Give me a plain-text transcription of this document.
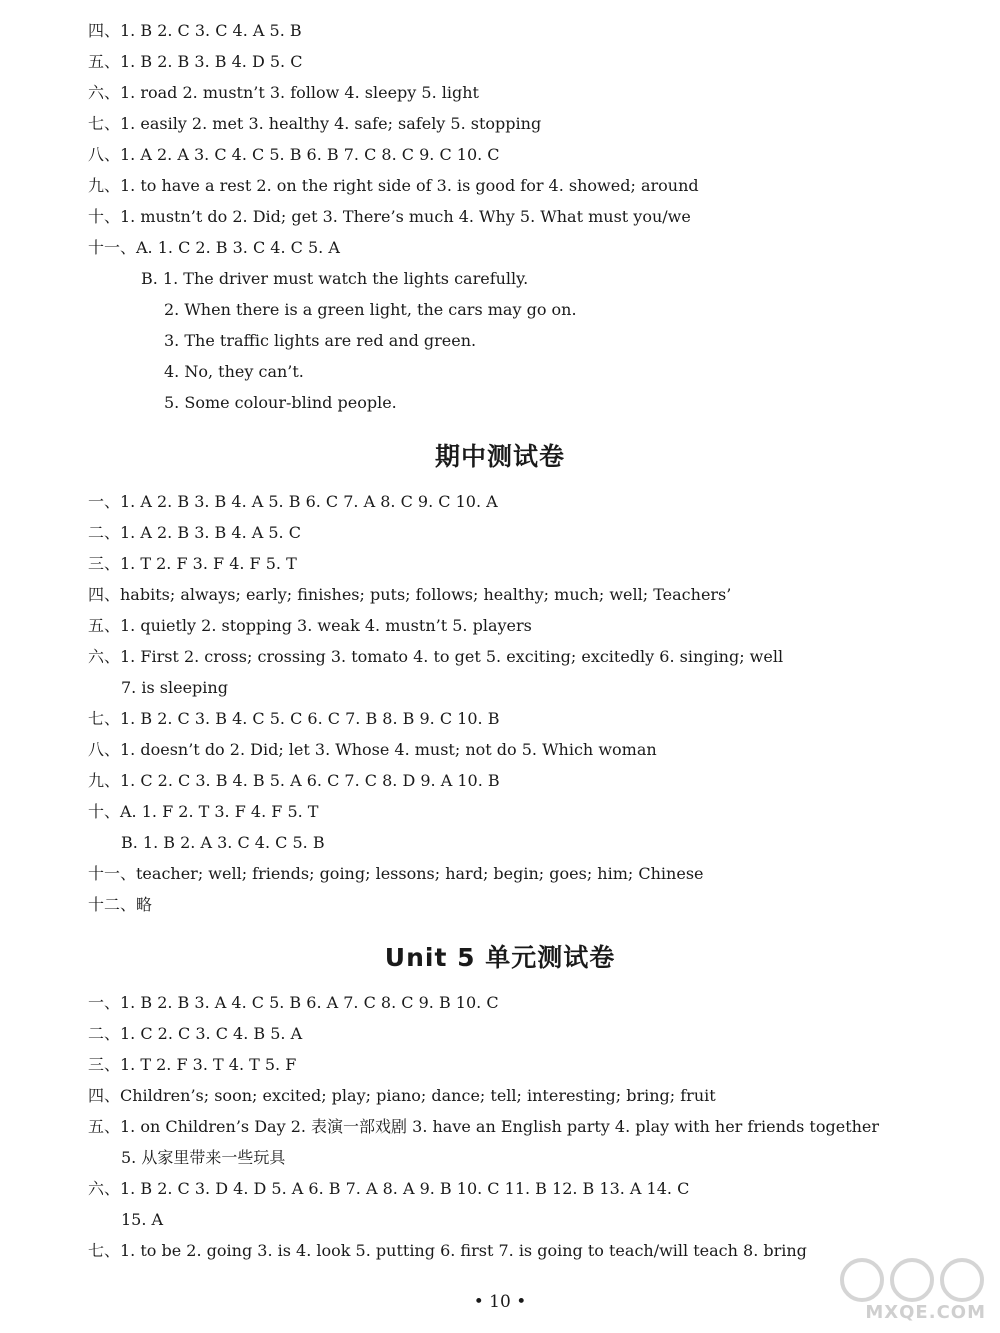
四、1. B 2. C 3. C 4. A 5. B
五、1. B 2. B 3. B 4. D 5. C
六、1. road 2. mustn’t 3. follow 4. sleepy 5. light
七、1. easily 2. met 3. healthy 4. safe; safely 5. stopping
八、1. A 2. A 3. C 4. C 5. B 6. B 7. C 8. C 9. C 10. C
九、1. to have a rest 2. on the right side of 3. is good for 4. showed; around
十、1. mustn’t do 2. Did; get 3. There’s much 4. Why 5. What must you/we
十一、A. 1. C 2. B 3. C 4. C 5. A
B. 1. The driver must watch the lights carefully.
2. When there is a green light, the cars may go on.
3. The traffic lights are red and green.
4. No, they can’t.
5. Some colour-blind people.
期中测试卷
一、1. A 2. B 3. B 4. A 5. B 6. C 7. A 8. C 9. C 10. A
二、1. A 2. B 3. B 4. A 5. C
三、1. T 2. F 3. F 4. F 5. T
四、habits; always; early; finishes; puts; follows; healthy; much; well; Teachers’
五、1. quietly 2. stopping 3. weak 4. mustn’t 5. players
六、1. First 2. cross; crossing 3. tomato 4. to get 5. exciting; excitedly 6. singing; well
7. is sleeping
七、1. B 2. C 3. B 4. C 5. C 6. C 7. B 8. B 9. C 10. B
八、1. doesn’t do 2. Did; let 3. Whose 4. must; not do 5. Which woman
九、1. C 2. C 3. B 4. B 5. A 6. C 7. C 8. D 9. A 10. B
十、A. 1. F 2. T 3. F 4. F 5. T
B. 1. B 2. A 3. C 4. C 5. B
十一、teacher; well; friends; going; lessons; hard; begin; goes; him; Chinese
十二、略
Unit 5 单元测试卷
一、1. B 2. B 3. A 4. C 5. B 6. A 7. C 8. C 9. B 10. C
二、1. C 2. C 3. C 4. B 5. A
三、1. T 2. F 3. T 4. T 5. F
四、Children’s; soon; excited; play; piano; dance; tell; interesting; bring; fruit
五、1. on Children’s Day 2. 表演一部戏剧 3. have an English party 4. play with her friends together
5. 从家里带来一些玩具
六、1. B 2. C 3. D 4. D 5. A 6. B 7. A 8. A 9. B 10. C 11. B 12. B 13. A 14. C
15. A
七、1. to be 2. going 3. is 4. look 5. putting 6. first 7. is going to teach/will teach 8. bring
• 10 •	MXQE.COM
